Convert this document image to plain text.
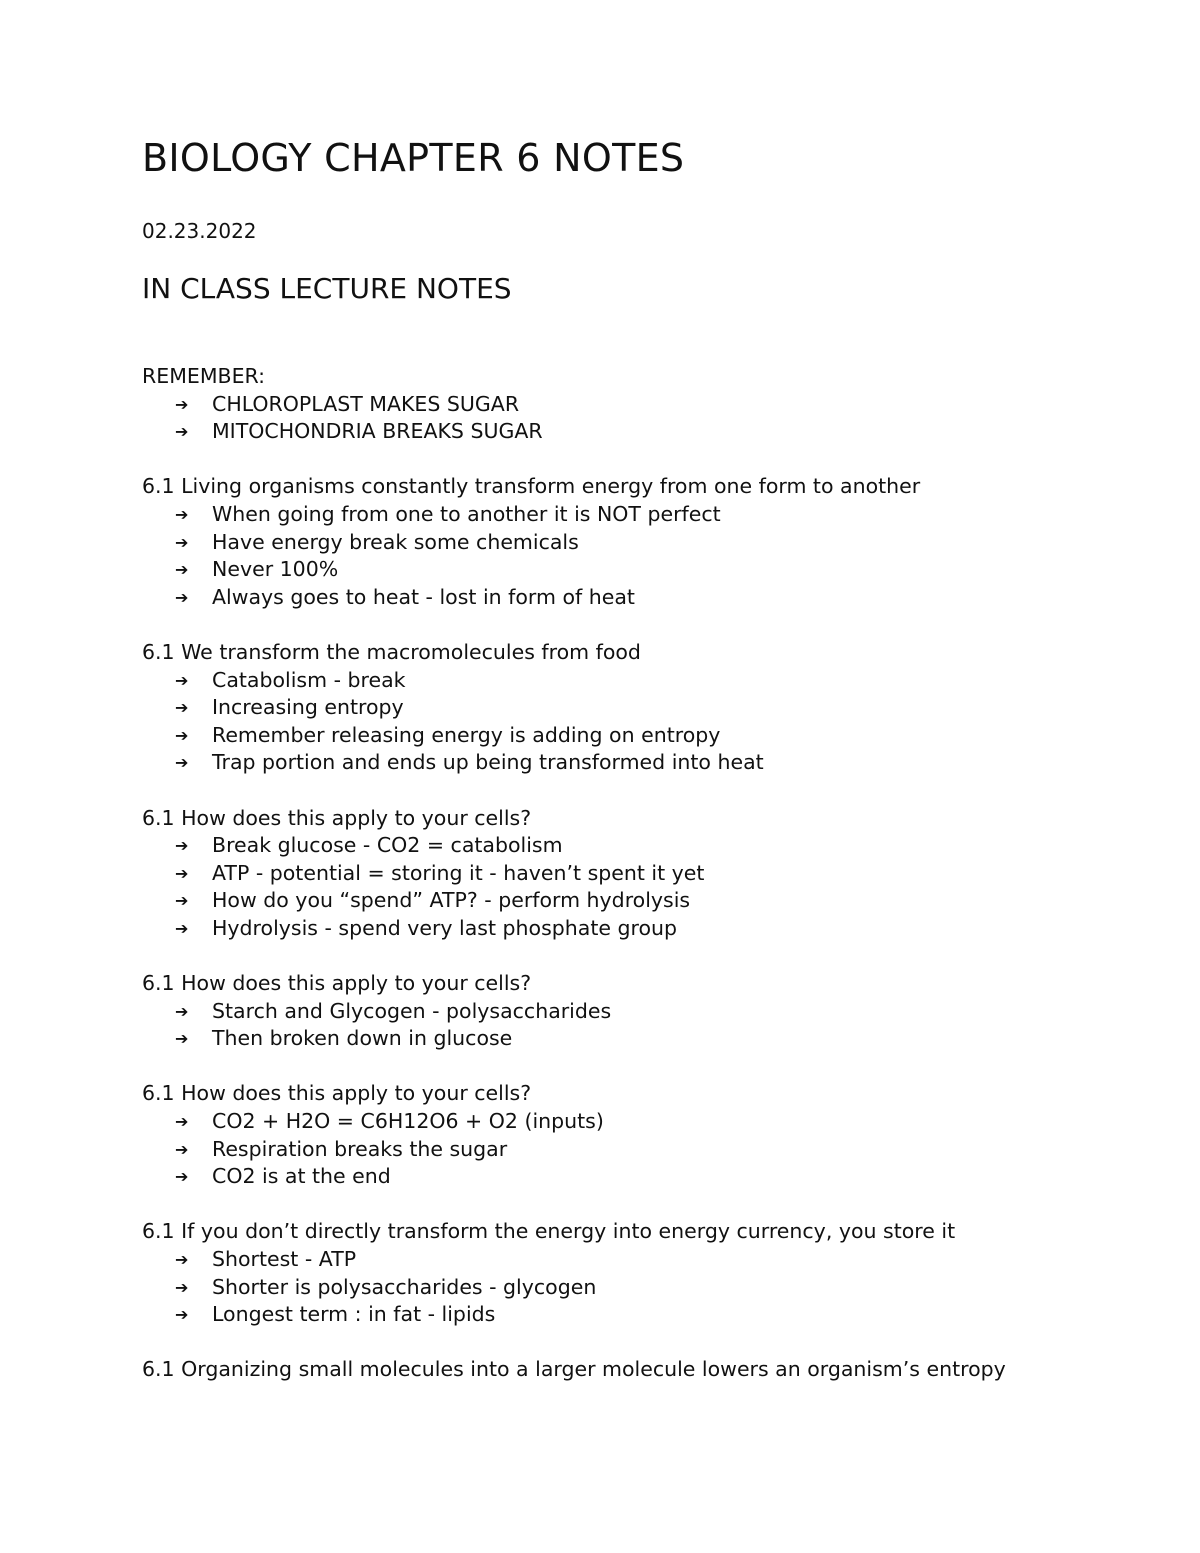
BIOLOGY CHAPTER 6 NOTES
02.23.2022
IN CLASS LECTURE NOTES
REMEMBER:
➔ CHLOROPLAST MAKES SUGAR
➔ MITOCHONDRIA BREAKS SUGAR
6.1 Living organisms constantly transform energy from one form to another
➔ When going from one to another it is NOT perfect
➔ Have energy break some chemicals
➔ Never 100%
➔ Always goes to heat - lost in form of heat
6.1 We transform the macromolecules from food
➔ Catabolism - break
➔ Increasing entropy
➔ Remember releasing energy is adding on entropy
➔ Trap portion and ends up being transformed into heat
6.1 How does this apply to your cells?
➔ Break glucose - CO2 = catabolism
➔ ATP - potential = storing it - haven’t spent it yet
➔ How do you “spend” ATP? - perform hydrolysis
➔ Hydrolysis - spend very last phosphate group
6.1 How does this apply to your cells?
➔ Starch and Glycogen - polysaccharides
➔ Then broken down in glucose
6.1 How does this apply to your cells?
➔ CO2 + H2O = C6H12O6 + O2 (inputs)
➔ Respiration breaks the sugar
➔ CO2 is at the end
6.1 If you don’t directly transform the energy into energy currency, you store it
➔ Shortest - ATP
➔ Shorter is polysaccharides - glycogen
➔ Longest term : in fat - lipids
6.1 Organizing small molecules into a larger molecule lowers an organism’s entropy
